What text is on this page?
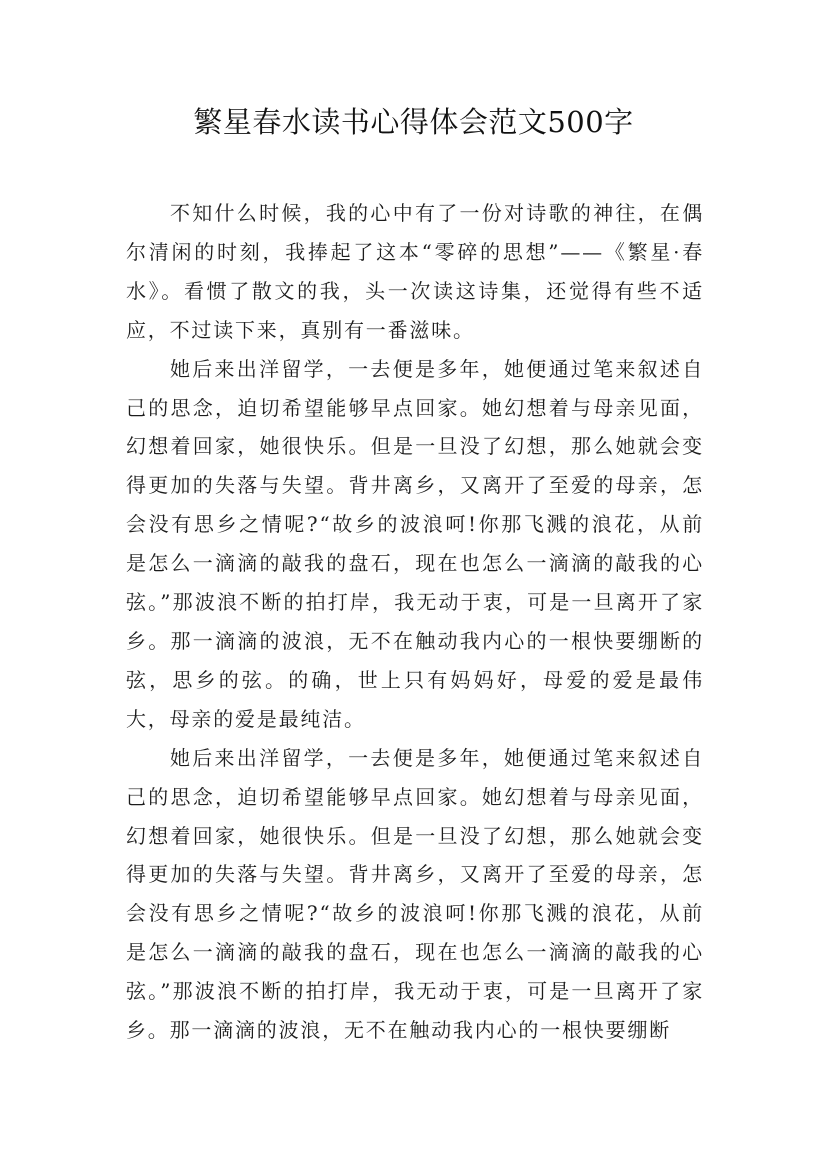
繁星春水读书心得体会范文500字

不知什么时候，我的心中有了一份对诗歌的神往，在偶尔清闲的时刻，我捧起了这本“零碎的思想”——《繁星·春水》。看惯了散文的我，头一次读这诗集，还觉得有些不适应，不过读下来，真别有一番滋味。

她后来出洋留学，一去便是多年，她便通过笔来叙述自己的思念，迫切希望能够早点回家。她幻想着与母亲见面，幻想着回家，她很快乐。但是一旦没了幻想，那么她就会变得更加的失落与失望。背井离乡，又离开了至爱的母亲，怎会没有思乡之情呢?“故乡的波浪呵!你那飞溅的浪花，从前是怎么一滴滴的敲我的盘石，现在也怎么一滴滴的敲我的心弦。”那波浪不断的拍打岸，我无动于衷，可是一旦离开了家乡。那一滴滴的波浪，无不在触动我内心的一根快要绷断的弦，思乡的弦。的确，世上只有妈妈好，母爱的爱是最伟大，母亲的爱是最纯洁。

她后来出洋留学，一去便是多年，她便通过笔来叙述自己的思念，迫切希望能够早点回家。她幻想着与母亲见面，幻想着回家，她很快乐。但是一旦没了幻想，那么她就会变得更加的失落与失望。背井离乡，又离开了至爱的母亲，怎会没有思乡之情呢?“故乡的波浪呵!你那飞溅的浪花，从前是怎么一滴滴的敲我的盘石，现在也怎么一滴滴的敲我的心弦。”那波浪不断的拍打岸，我无动于衷，可是一旦离开了家乡。那一滴滴的波浪，无不在触动我内心的一根快要绷断
